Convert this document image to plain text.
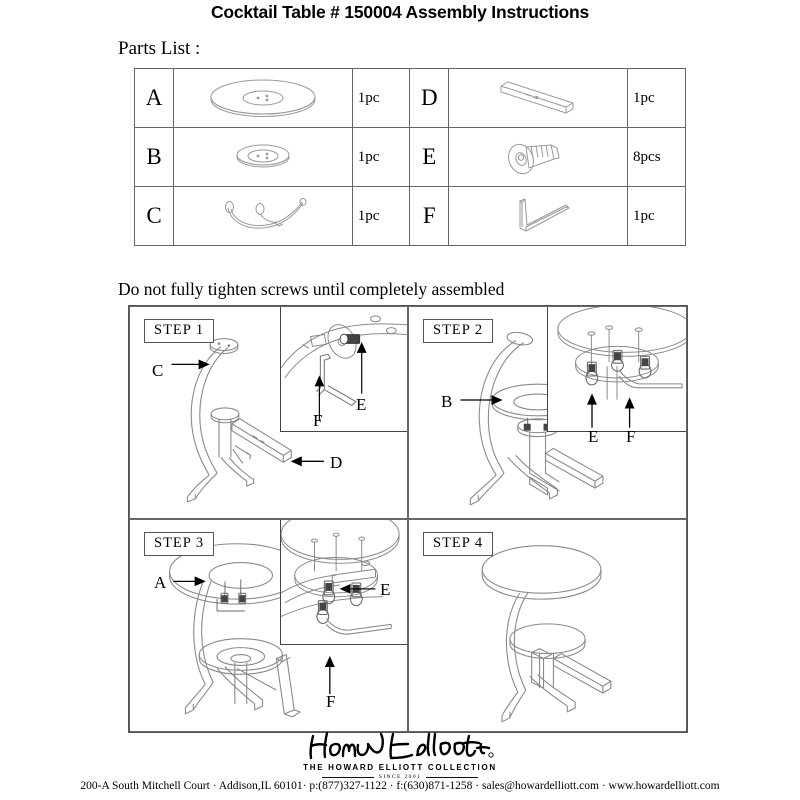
Cocktail Table # 150004 Assembly Instructions
Parts List :
A		1pc	D		1pc
B		1pc	E		8pcs
C		1pc	F		1pc
Do not fully tighten screws until completely assembled
STEP 1
C
D
E
F
STEP 2
B
E F
STEP 3
A	E
F
STEP 4
THE HOWARD ELLIOTT COLLECTION
SINCE 2001
200-A South Mitchell Court · Addison,IL 60101· p:(877)327-1122 · f:(630)871-1258 · sales@howardelliott.com · www.howardelliott.com
